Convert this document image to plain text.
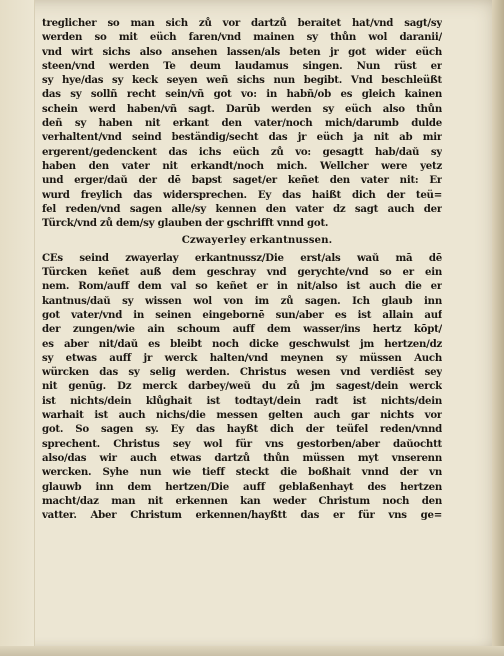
treglicher so man sich zů vor dartzů beraitet hat/vnd sagt/sy
werden so mit eüch faren/vnd mainen sy thůn wol daranii/
vnd wirt sichs also ansehen lassen/als beten jr got wider eüch
steen/vnd werden Te deum laudamus singen. Nun rüst er
sy hye/das sy keck seyen weñ sichs nun begibt. Vnd beschleüßt
das sy sollñ recht sein/vñ got vo: in habñ/ob es gleich kainen
schein werd haben/vñ sagt. Darūb werden sy eüch also thůn
deñ sy haben nit erkant den vater/noch mich/darumb dulde
verhaltent/vnd seind beständig/secht das jr eüch ja nit ab mir
ergerent/gedenckent das ichs eüch zů vo: gesagtt hab/daŭ sy
haben den vater nit erkandt/noch mich. Wellcher were yetz
und erger/daŭ der dē bapst saget/er keñet den vater nit: Er
wurd freylich das widersprechen. Ey das haißt dich der teü=
fel reden/vnd sagen alle/sy kennen den vater dz sagt auch der
Türck/vnd zů dem/sy glauben der gschrifft vnnd got.
Czwayerley erkantnussen.
CEs seind zwayerlay erkantnussz/Die erst/als waŭ mā dē
Türcken keñet auß dem geschray vnd gerychte/vnd so er ein
nem. Rom/auff dem val so keñet er in nit/also ist auch die er
kantnus/daŭ sy wissen wol von im zů sagen. Ich glaub inn
got vater/vnd in seinen eingebornē sun/aber es ist allain auf
der zungen/wie ain schoum auff dem wasser/ins hertz kōpt/
es aber nit/daŭ es bleibt noch dicke geschwulst jm hertzen/dz
sy etwas auff jr werck halten/vnd meynen sy müssen Auch
würcken das sy selig werden. Christus wesen vnd verdiēst sey
nit genūg. Dz merck darbey/weŭ du zů jm sagest/dein werck
ist nichts/dein klůghait ist todtayt/dein radt ist nichts/dein
warhait ist auch nichs/die messen gelten auch gar nichts vor
got. So sagen sy. Ey das hayßt dich der teüfel reden/vnnd
sprechent. Christus sey wol für vns gestorben/aber daŭochtt
also/das wir auch etwas dartzů thůn müssen myt vnserenn
wercken. Syhe nun wie tieff steckt die boßhait vnnd der vn
glauwb inn dem hertzen/Die auff geblaßenhayt des hertzen
macht/daz man nit erkennen kan weder Christum noch den
vatter. Aber Christum erkennen/hayßtt das er für vns ge=
